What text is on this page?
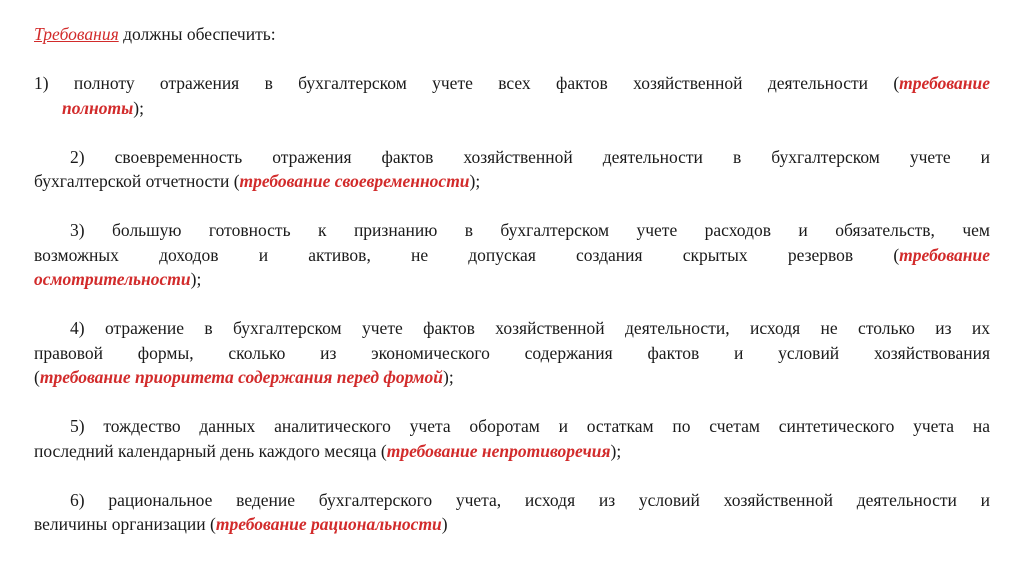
Требования должны обеспечить:
1) полноту отражения в бухгалтерском учете всех фактов хозяйственной деятельности (требование
полноты);
2) своевременность отражения фактов хозяйственной деятельности в бухгалтерском учете и
бухгалтерской отчетности (требование своевременности);
3) большую готовность к признанию в бухгалтерском учете расходов и обязательств, чем
возможных доходов и активов, не допуская создания скрытых резервов (требование
осмотрительности);
4) отражение в бухгалтерском учете фактов хозяйственной деятельности, исходя не столько из их
правовой формы, сколько из экономического содержания фактов и условий хозяйствования
(требование приоритета содержания перед формой);
5) тождество данных аналитического учета оборотам и остаткам по счетам синтетического учета на
последний календарный день каждого месяца (требование непротиворечия);
6) рациональное ведение бухгалтерского учета, исходя из условий хозяйственной деятельности и
величины организации (требование рациональности)
